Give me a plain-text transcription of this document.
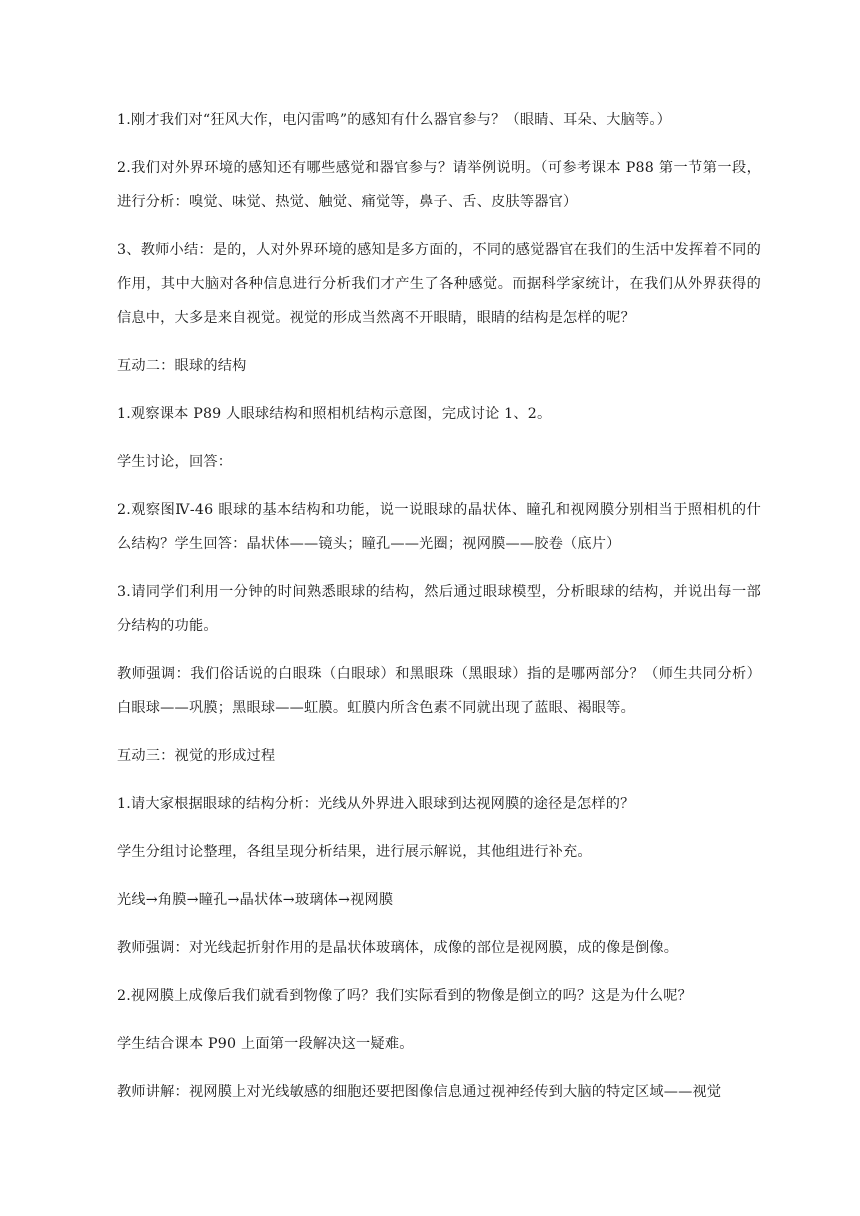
1.刚才我们对“狂风大作，电闪雷鸣”的感知有什么器官参与？（眼睛、耳朵、大脑等。）

2.我们对外界环境的感知还有哪些感觉和器官参与？请举例说明。（可参考课本 P88 第一节第一段，进行分析：嗅觉、味觉、热觉、触觉、痛觉等，鼻子、舌、皮肤等器官）

3、教师小结：是的，人对外界环境的感知是多方面的，不同的感觉器官在我们的生活中发挥着不同的作用，其中大脑对各种信息进行分析我们才产生了各种感觉。而据科学家统计，在我们从外界获得的信息中，大多是来自视觉。视觉的形成当然离不开眼睛，眼睛的结构是怎样的呢？

互动二：眼球的结构

1.观察课本 P89 人眼球结构和照相机结构示意图，完成讨论 1、2。

学生讨论，回答：

2.观察图Ⅳ-46 眼球的基本结构和功能，说一说眼球的晶状体、瞳孔和视网膜分别相当于照相机的什么结构？学生回答：晶状体——镜头；瞳孔——光圈；视网膜——胶卷（底片）

3.请同学们利用一分钟的时间熟悉眼球的结构，然后通过眼球模型，分析眼球的结构，并说出每一部分结构的功能。

教师强调：我们俗话说的白眼珠（白眼球）和黑眼珠（黑眼球）指的是哪两部分？（师生共同分析）白眼球——巩膜；黑眼球——虹膜。虹膜内所含色素不同就出现了蓝眼、褐眼等。

互动三：视觉的形成过程

1.请大家根据眼球的结构分析：光线从外界进入眼球到达视网膜的途径是怎样的？

学生分组讨论整理，各组呈现分析结果，进行展示解说，其他组进行补充。

光线→角膜→瞳孔→晶状体→玻璃体→视网膜

教师强调：对光线起折射作用的是晶状体玻璃体，成像的部位是视网膜，成的像是倒像。

2.视网膜上成像后我们就看到物像了吗？我们实际看到的物像是倒立的吗？这是为什么呢？

学生结合课本 P90 上面第一段解决这一疑难。

教师讲解：视网膜上对光线敏感的细胞还要把图像信息通过视神经传到大脑的特定区域——视觉
